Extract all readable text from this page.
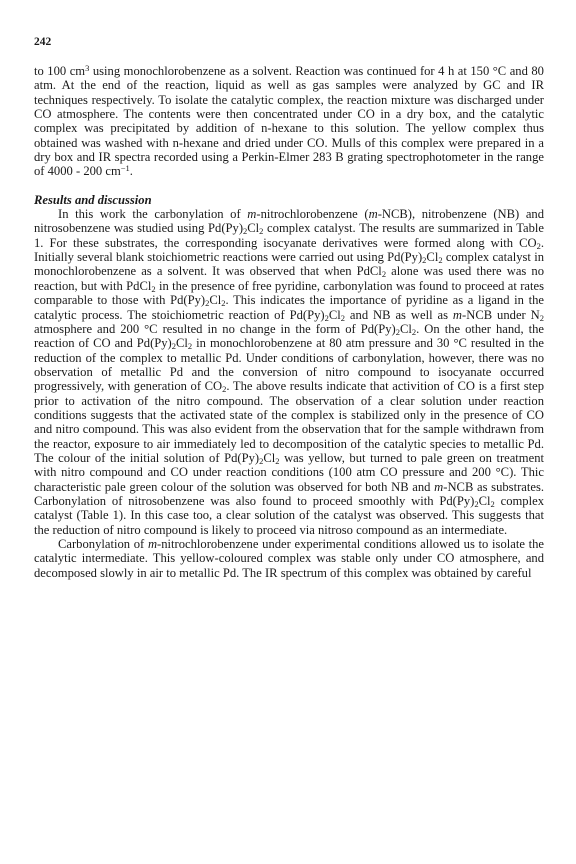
242

to 100 $cm^3$ using monochlorobenzene as a solvent. Reaction was continued for 4 h at 150 °C and 80 atm. At the end of the reaction, liquid as well as gas samples were analyzed by GC and IR techniques respectively. To isolate the catalytic complex, the reaction mixture was discharged under CO atmosphere. The contents were then concentrated under CO in a dry box, and the catalytic complex was precipitated by addition of n-hexane to this solution. The yellow complex thus obtained was washed with n-hexane and dried under CO. Mulls of this complex were prepared in a dry box and IR spectra recorded using a Perkin-Elmer 283 B grating spectrophotometer in the range of 4000 - 200 $cm^{-1}$.

Results and discussion

In this work the carbonylation of m-nitrochlorobenzene (m-NCB), nitrobenzene (NB) and nitrosobenzene was studied using $Pd(Py)_2Cl_2$ complex catalyst. The results are summarized in Table 1. For these substrates, the corresponding isocyanate derivatives were formed along with $CO_2$. Initially several blank stoichiometric reactions were carried out using $Pd(Py)_2Cl_2$ complex catalyst in monochlorobenzene as a solvent. It was observed that when PdCl$_2$ alone was used there was no reaction, but with PdCl$_2$ in the presence of free pyridine, carbonylation was found to proceed at rates comparable to those with $Pd(Py)_2Cl_2$. This indicates the importance of pyridine as a ligand in the catalytic process. The stoichiometric reaction of $Pd(Py)_2Cl_2$ and NB as well as m-NCB under $N_2$ atmosphere and 200 °C resulted in no change in the form of $Pd(Py)_2Cl_2$. On the other hand, the reaction of CO and $Pd(Py)_2Cl_2$ in monochlorobenzene at 80 atm pressure and 30 °C resulted in the reduction of the complex to metallic Pd. Under conditions of carbonylation, however, there was no observation of metallic Pd and the conversion of nitro compound to isocyanate occurred progressively, with generation of $CO_2$. The above results indicate that activition of CO is a first step prior to activation of the nitro compound. The observation of a clear solution under reaction conditions suggests that the activated state of the complex is stabilized only in the presence of CO and nitro compound. This was also evident from the observation that for the sample withdrawn from the reactor, exposure to air immediately led to decomposition of the catalytic species to metallic Pd. The colour of the initial solution of $Pd(Py)_2Cl_2$ was yellow, but turned to pale green on treatment with nitro compound and CO under reaction conditions (100 atm CO pressure and 200 °C). Thic characteristic pale green colour of the solution was observed for both NB and m-NCB as substrates. Carbonylation of nitrosobenzene was also found to proceed smoothly with $Pd(Py)_2Cl_2$ complex catalyst (Table 1). In this case too, a clear solution of the catalyst was observed. This suggests that the reduction of nitro compound is likely to proceed via nitroso compound as an intermediate.

Carbonylation of m-nitrochlorobenzene under experimental conditions allowed us to isolate the catalytic intermediate. This yellow-coloured complex was stable only under CO atmosphere, and decomposed slowly in air to metallic Pd. The IR spectrum of this complex was obtained by careful
